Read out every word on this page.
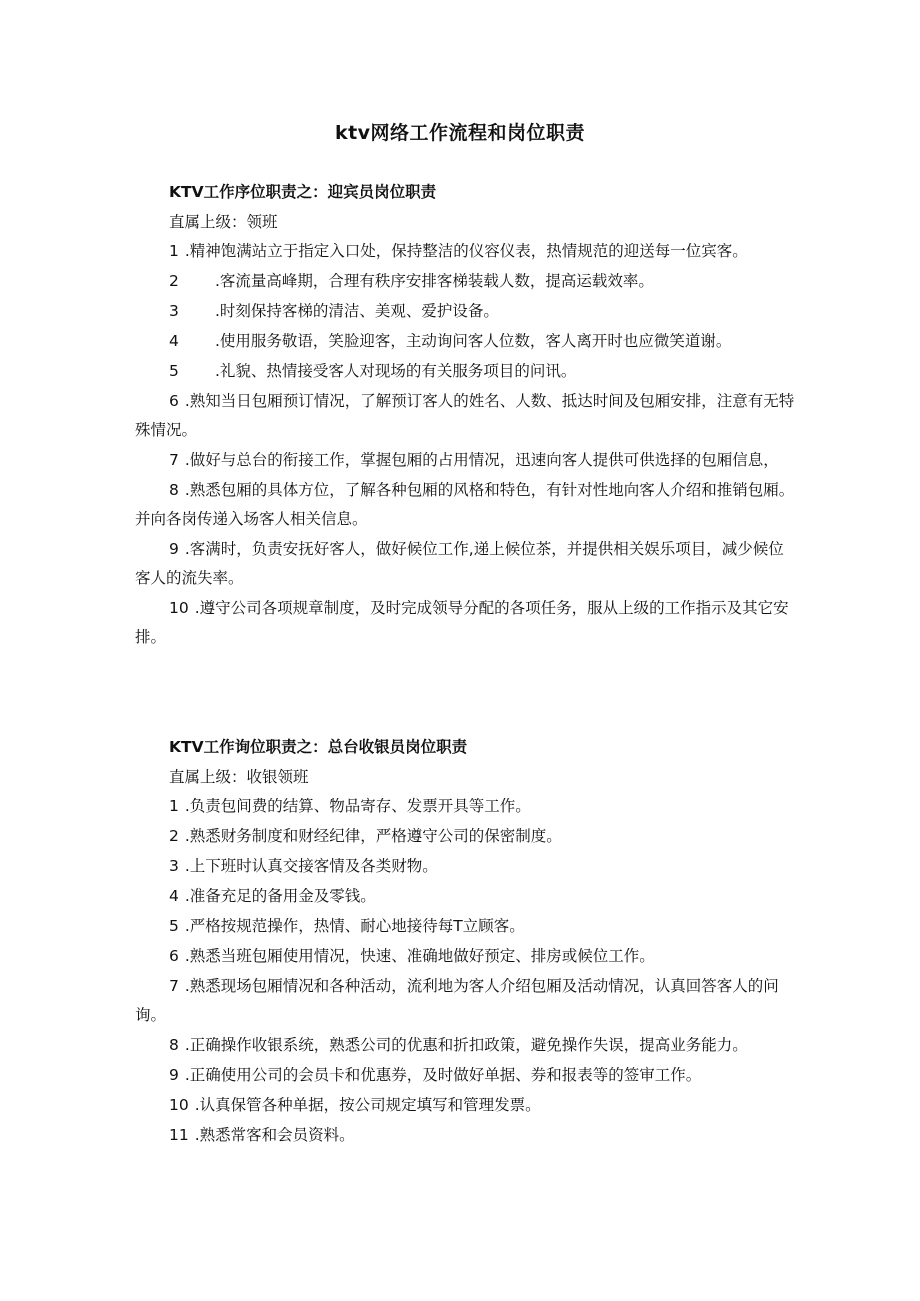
ktv网络工作流程和岗位职责
KTV工作序位职责之：迎宾员岗位职责
直属上级：领班
1 .精神饱满站立于指定入口处，保持整洁的仪容仪表，热情规范的迎送每一位宾客。
2 .客流量高峰期，合理有秩序安排客梯装载人数，提高运载效率。
3 .时刻保持客梯的清洁、美观、爱护设备。
4 .使用服务敬语，笑脸迎客，主动询问客人位数，客人离开时也应微笑道谢。
5 .礼貌、热情接受客人对现场的有关服务项目的问讯。
6 .熟知当日包厢预订情况，了解预订客人的姓名、人数、抵达时间及包厢安排，注意有无特殊情况。
7 .做好与总台的衔接工作，掌握包厢的占用情况，迅速向客人提供可供选择的包厢信息，
8 .熟悉包厢的具体方位，了解各种包厢的风格和特色，有针对性地向客人介绍和推销包厢。并向各岗传递入场客人相关信息。
9 .客满时，负责安抚好客人，做好候位工作,递上候位茶，并提供相关娱乐项目，减少候位客人的流失率。
10 .遵守公司各项规章制度，及时完成领导分配的各项任务，服从上级的工作指示及其它安排。
KTV工作询位职责之：总台收银员岗位职责
直属上级：收银领班
1 .负责包间费的结算、物品寄存、发票开具等工作。
2 .熟悉财务制度和财经纪律，严格遵守公司的保密制度。
3 .上下班时认真交接客情及各类财物。
4 .准备充足的备用金及零钱。
5 .严格按规范操作，热情、耐心地接待每T立顾客。
6 .熟悉当班包厢使用情况，快速、准确地做好预定、排房或候位工作。
7 .熟悉现场包厢情况和各种活动，流利地为客人介绍包厢及活动情况，认真回答客人的问询。
8 .正确操作收银系统，熟悉公司的优惠和折扣政策，避免操作失误，提高业务能力。
9 .正确使用公司的会员卡和优惠券，及时做好单据、券和报表等的签审工作。
10 .认真保管各种单据，按公司规定填写和管理发票。
11 .熟悉常客和会员资料。
